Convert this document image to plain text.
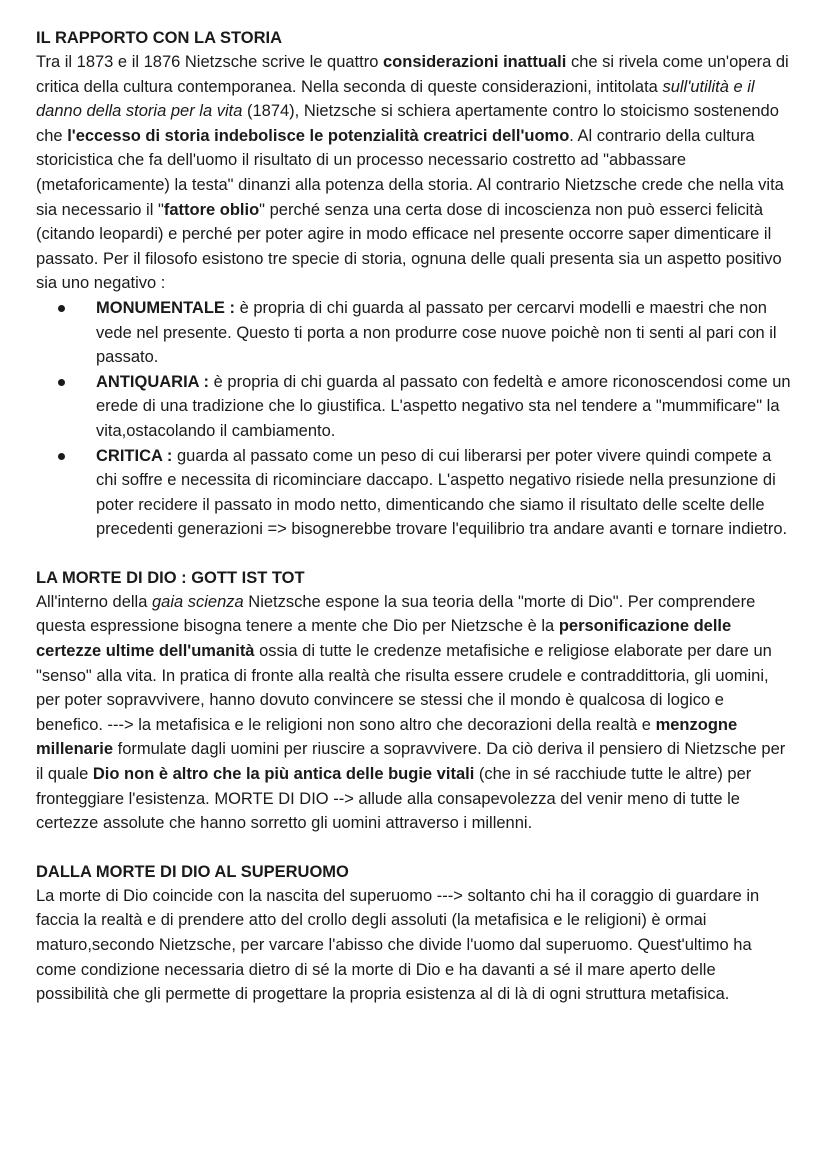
IL RAPPORTO CON LA STORIA

Tra il 1873 e il 1876 Nietzsche scrive le quattro considerazioni inattuali che si rivela come un'opera di critica della cultura contemporanea. Nella seconda di queste considerazioni, intitolata sull'utilità e il danno della storia per la vita (1874), Nietzsche si schiera apertamente contro lo stoicismo sostenendo che l'eccesso di storia indebolisce le potenzialità creatrici dell'uomo. Al contrario della cultura storicistica che fa dell'uomo il risultato di un processo necessario costretto ad "abbassare (metaforicamente) la testa" dinanzi alla potenza della storia. Al contrario Nietzsche crede che nella vita sia necessario il "fattore oblio" perché senza una certa dose di incoscienza non può esserci felicità (citando leopardi) e perché per poter agire in modo efficace nel presente occorre saper dimenticare il passato. Per il filosofo esistono tre specie di storia, ognuna delle quali presenta sia un aspetto positivo sia uno negativo :

MONUMENTALE : è propria di chi guarda al passato per cercarvi modelli e maestri che non vede nel presente. Questo ti porta a non produrre cose nuove poichè non ti senti al pari con il passato.
ANTIQUARIA : è propria di chi guarda al passato con fedeltà e amore riconoscendosi come un erede di una tradizione che lo giustifica. L'aspetto negativo sta nel tendere a "mummificare" la vita,ostacolando il cambiamento.
CRITICA : guarda al passato come un peso di cui liberarsi per poter vivere quindi compete a chi soffre e necessita di ricominciare daccapo. L'aspetto negativo risiede nella presunzione di poter recidere il passato in modo netto, dimenticando che siamo il risultato delle scelte delle precedenti generazioni => bisognerebbe trovare l'equilibrio tra andare avanti e tornare indietro.
LA MORTE DI DIO : GOTT IST TOT

All'interno della gaia scienza Nietzsche espone la sua teoria della "morte di Dio". Per comprendere questa espressione bisogna tenere a mente che Dio per Nietzsche è la personificazione delle certezze ultime dell'umanità ossia di tutte le credenze metafisiche e religiose elaborate per dare un "senso" alla vita. In pratica di fronte alla realtà che risulta essere crudele e contraddittoria, gli uomini, per poter sopravvivere, hanno dovuto convincere se stessi che il mondo è qualcosa di logico e benefico. ---> la metafisica e le religioni non sono altro che decorazioni della realtà e menzogne millenarie formulate dagli uomini per riuscire a sopravvivere. Da ciò deriva il pensiero di Nietzsche per il quale Dio non è altro che la più antica delle bugie vitali (che in sé racchiude tutte le altre) per fronteggiare l'esistenza. MORTE DI DIO --> allude alla consapevolezza del venir meno di tutte le certezze assolute che hanno sorretto gli uomini attraverso i millenni.

DALLA MORTE DI DIO AL SUPERUOMO

La morte di Dio coincide con la nascita del superuomo ---> soltanto chi ha il coraggio di guardare in faccia la realtà e di prendere atto del crollo degli assoluti (la metafisica e le religioni) è ormai maturo,secondo Nietzsche, per varcare l'abisso che divide l'uomo dal superuomo. Quest'ultimo ha come condizione necessaria dietro di sé la morte di Dio e ha davanti a sé il mare aperto delle possibilità che gli permette di progettare la propria esistenza al di là di ogni struttura metafisica.
